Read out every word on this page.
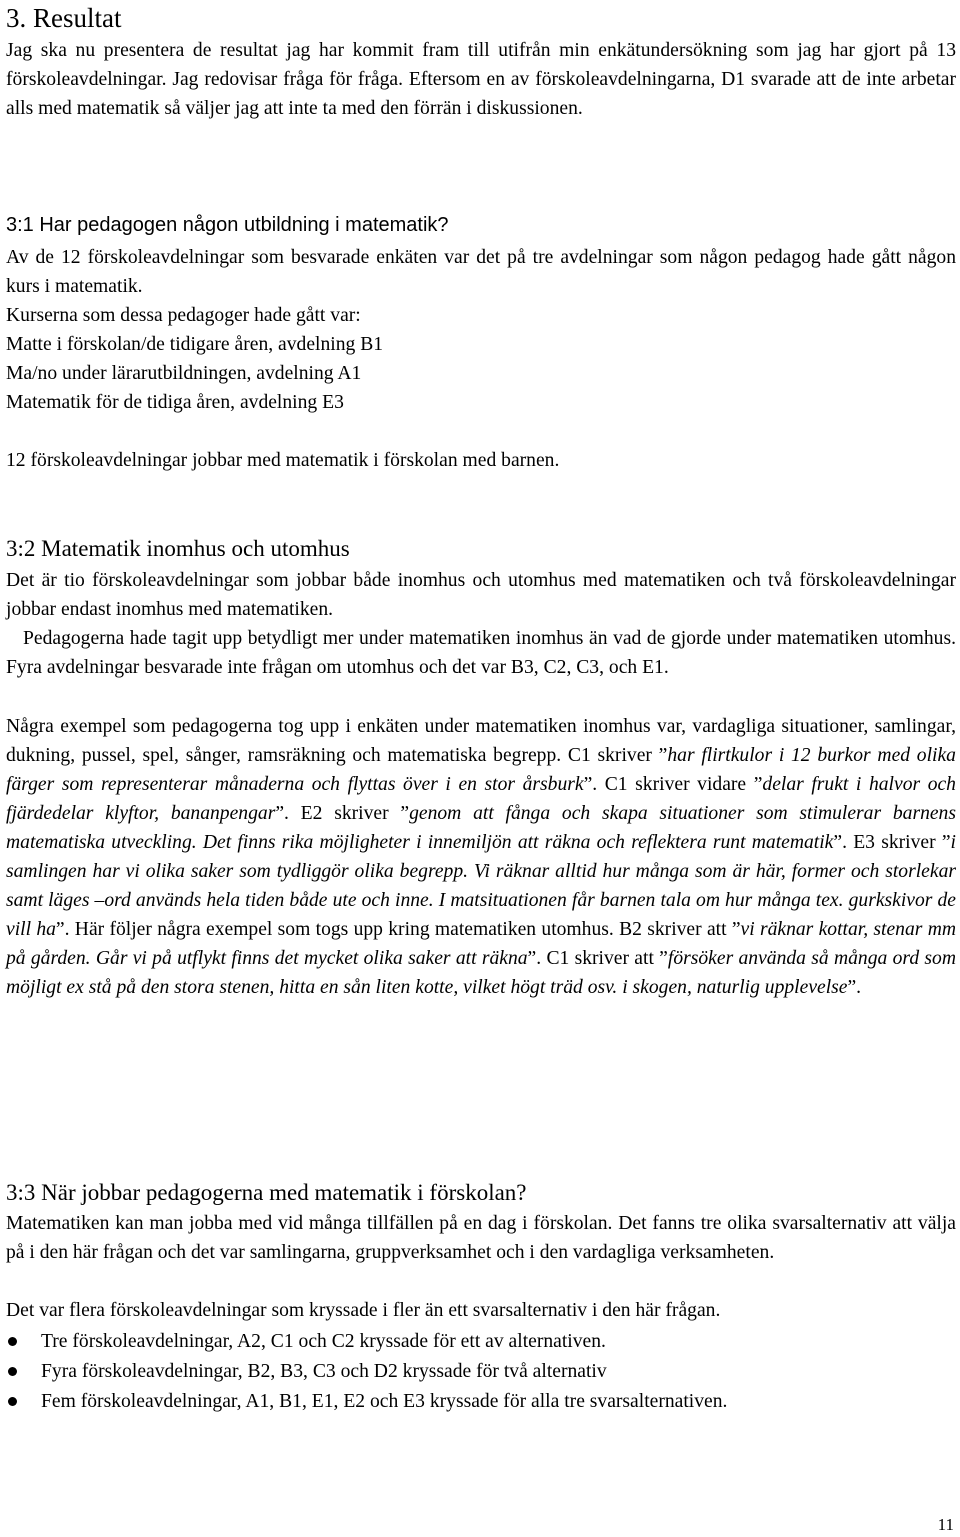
3. Resultat

Jag ska nu presentera de resultat jag har kommit fram till utifrån min enkätundersökning som jag har gjort på 13 förskoleavdelningar. Jag redovisar fråga för fråga. Eftersom en av förskoleavdelningarna, D1 svarade att de inte arbetar alls med matematik så väljer jag att inte ta med den förrän i diskussionen.

3:1 Har pedagogen någon utbildning i matematik?

Av de 12 förskoleavdelningar som besvarade enkäten var det på tre avdelningar som någon pedagog hade gått någon kurs i matematik.

Kurserna som dessa pedagoger hade gått var:
Matte i förskolan/de tidigare åren, avdelning B1
Ma/no under lärarutbildningen, avdelning A1
Matematik för de tidiga åren, avdelning E3

12 förskoleavdelningar jobbar med matematik i förskolan med barnen.

3:2 Matematik inomhus och utomhus

Det är tio förskoleavdelningar som jobbar både inomhus och utomhus med matematiken och två förskoleavdelningar jobbar endast inomhus med matematiken.

Pedagogerna hade tagit upp betydligt mer under matematiken inomhus än vad de gjorde under matematiken utomhus. Fyra avdelningar besvarade inte frågan om utomhus och det var B3, C2, C3, och E1.

Några exempel som pedagogerna tog upp i enkäten under matematiken inomhus var, vardagliga situationer, samlingar, dukning, pussel, spel, sånger, ramsräkning och matematiska begrepp. C1 skriver ”har flirtkulor i 12 burkor med olika färger som representerar månaderna och flyttas över i en stor årsburk”. C1 skriver vidare ”delar frukt i halvor och fjärdedelar klyftor, bananpengar”. E2 skriver ”genom att fånga och skapa situationer som stimulerar barnens matematiska utveckling. Det finns rika möjligheter i innemiljön att räkna och reflektera runt matematik”. E3 skriver ”i samlingen har vi olika saker som tydliggör olika begrepp. Vi räknar alltid hur många som är här, former och storlekar samt läges –ord används hela tiden både ute och inne. I matsituationen får barnen tala om hur många tex. gurkskivor de vill ha”. Här följer några exempel som togs upp kring matematiken utomhus. B2 skriver att ”vi räknar kottar, stenar mm på gården. Går vi på utflykt finns det mycket olika saker att räkna”. C1 skriver att ”försöker använda så många ord som möjligt ex stå på den stora stenen, hitta en sån liten kotte, vilket högt träd osv. i skogen, naturlig upplevelse”.

3:3 När jobbar pedagogerna med matematik i förskolan?

Matematiken kan man jobba med vid många tillfällen på en dag i förskolan. Det fanns tre olika svarsalternativ att välja på i den här frågan och det var samlingarna, gruppverksamhet och i den vardagliga verksamheten.

Det var flera förskoleavdelningar som kryssade i fler än ett svarsalternativ i den här frågan.

Tre förskoleavdelningar, A2, C1 och C2 kryssade för ett av alternativen.
Fyra förskoleavdelningar, B2, B3, C3 och D2 kryssade för två alternativ
Fem förskoleavdelningar, A1, B1, E1, E2 och E3 kryssade för alla tre svarsalternativen.
11
